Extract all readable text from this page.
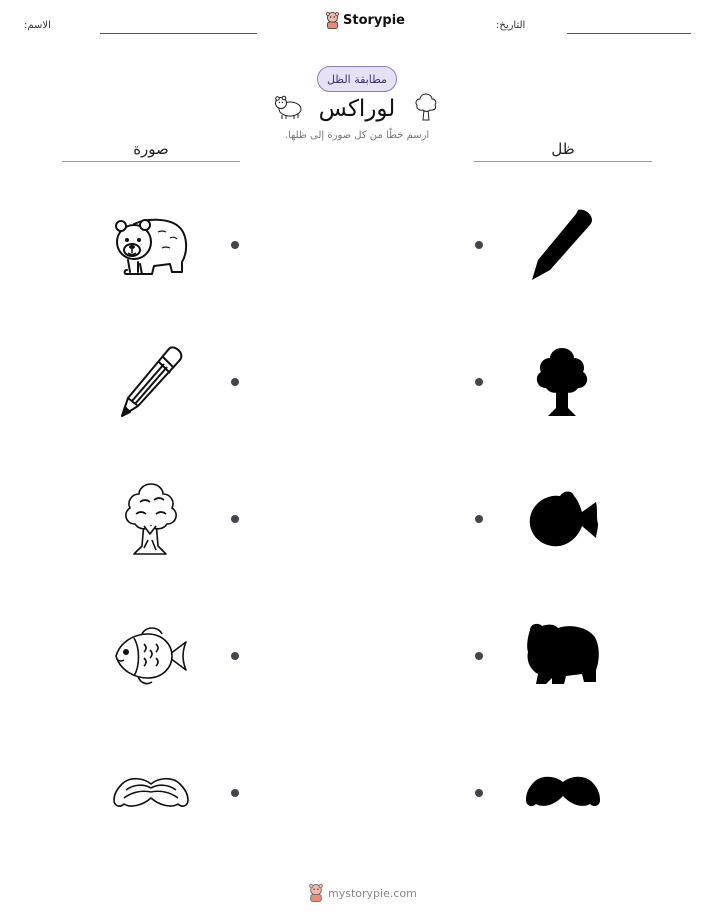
الاسم:	Storypie	التاريخ:
مطابقة الظل
لوراكس
ارسم خطًا من كل صورة إلى ظلها.
صورة	ظل
mystorypie.com
